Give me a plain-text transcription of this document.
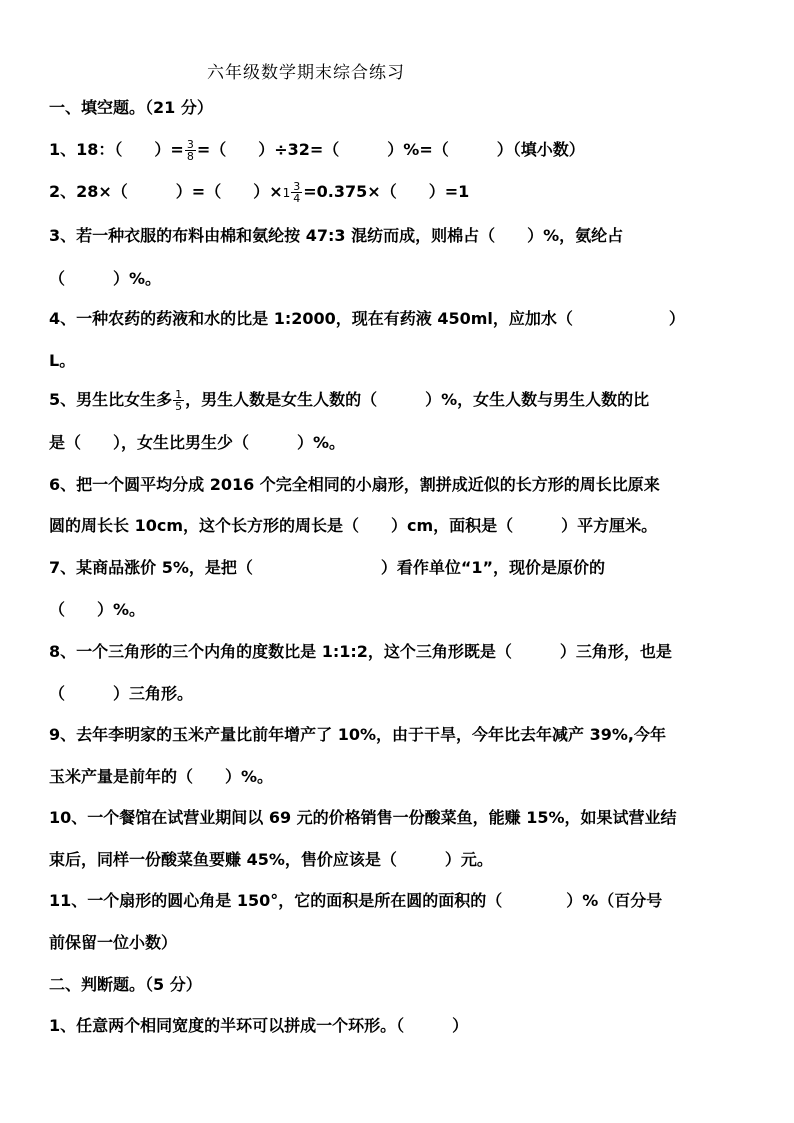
六年级数学期末综合练习
一、填空题。（21 分）
1、18：（　　）= $\frac{3}{8}$ =（　　）÷32=（　　　）%=（　　　）（填小数）
2、28×（　　　）=（　　）$\times 1 \frac{3}{4} =0.375\times$（　　）=1
3、若一种衣服的布料由棉和氨纶按 47:3 混纺而成，则棉占（　　）%，氨纶占
（　　　）%。
4、一种农药的药液和水的比是 1:2000，现在有药液 450ml，应加水（　　　　　　）
L。
5、男生比女生多 $\frac{1}{5}$ ，男生人数是女生人数的（　　　）%，女生人数与男生人数的比
是（　　），女生比男生少（　　　）%。
6、把一个圆平均分成 2016 个完全相同的小扇形，割拼成近似的长方形的周长比原来
圆的周长长 10cm，这个长方形的周长是（　　）cm，面积是（　　　）平方厘米。
7、某商品涨价 5%，是把（　　　　　　　　）看作单位“1”，现价是原价的
（　　）%。
8、一个三角形的三个内角的度数比是 1:1:2，这个三角形既是（　　　）三角形，也是
（　　　）三角形。
9、去年李明家的玉米产量比前年增产了 10%，由于干旱，今年比去年减产 39%,今年
玉米产量是前年的（　　）%。
10、一个餐馆在试营业期间以 69 元的价格销售一份酸菜鱼，能赚 15%，如果试营业结
束后，同样一份酸菜鱼要赚 45%，售价应该是（　　　）元。
11、一个扇形的圆心角是 150°，它的面积是所在圆的面积的（　　　　）%（百分号
前保留一位小数）
二、判断题。（5 分）
1、任意两个相同宽度的半环可以拼成一个环形。（　　　）
